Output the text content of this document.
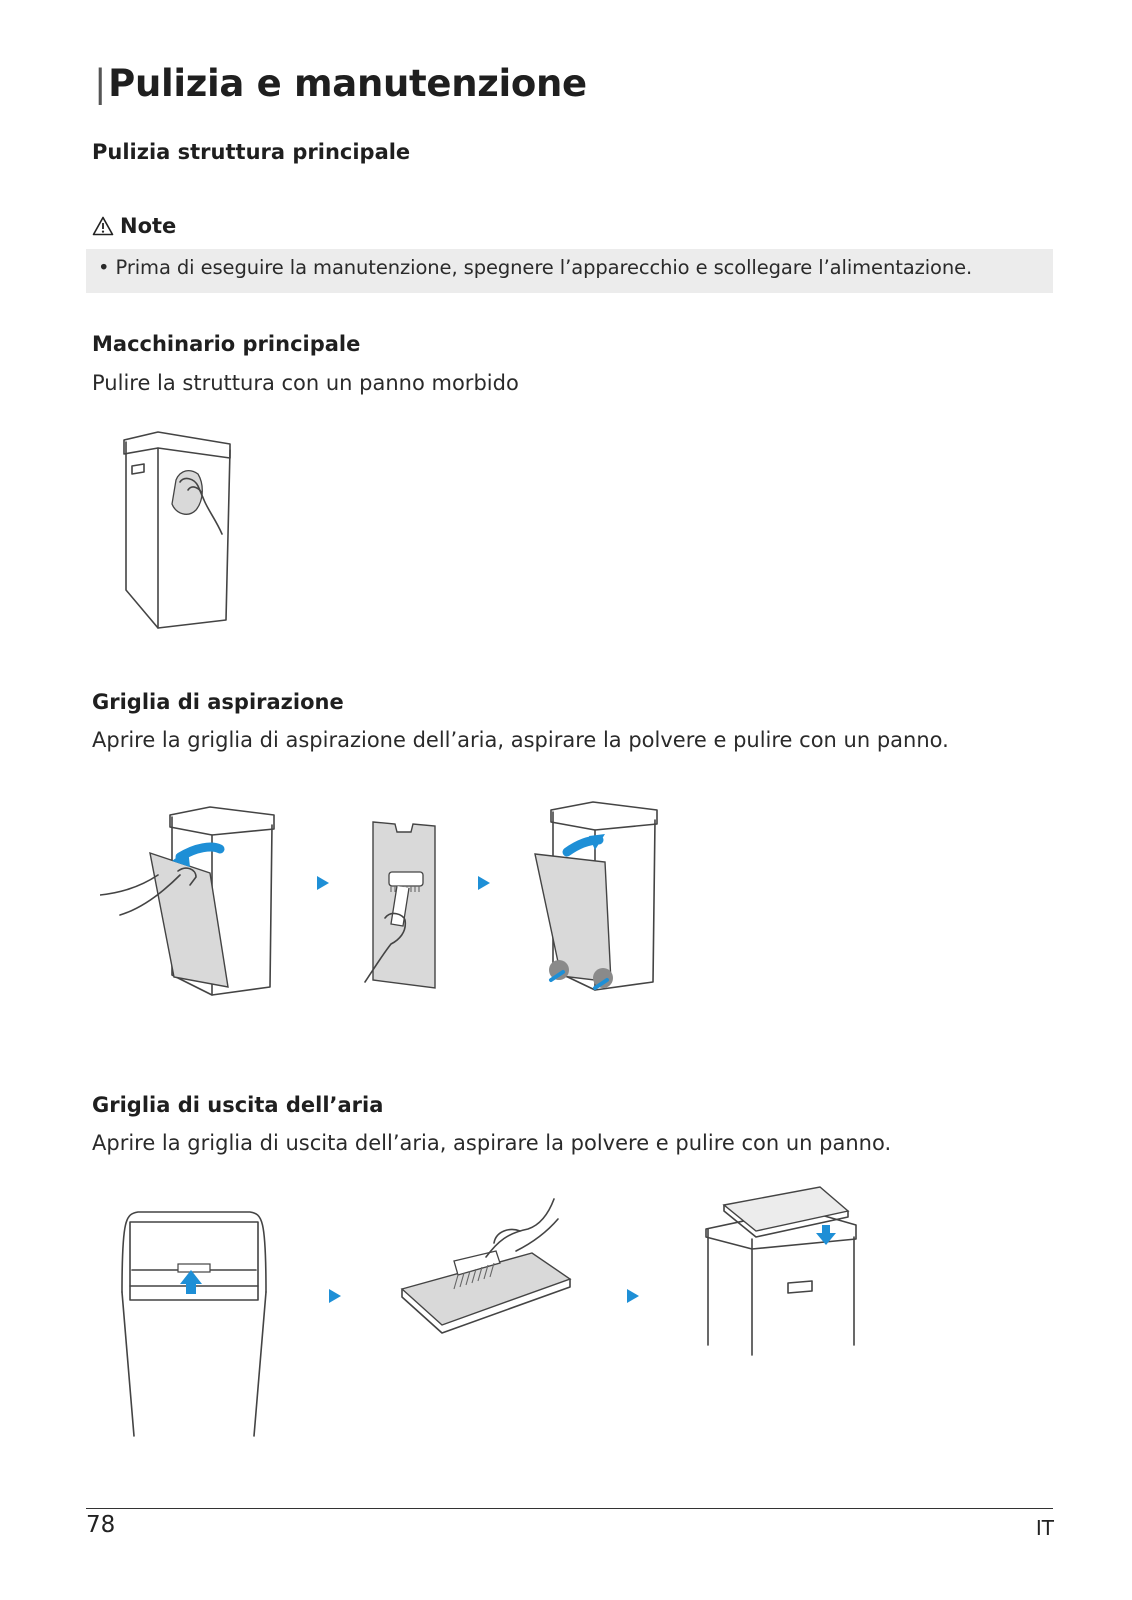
|Pulizia e manutenzione
Pulizia struttura principale
Note
• Prima di eseguire la manutenzione, spegnere l’apparecchio e scollegare l’alimentazione.
Macchinario principale
Pulire la struttura con un panno morbido
Griglia di aspirazione
Aprire la griglia di aspirazione dell’aria, aspirare la polvere e pulire con un panno.
Griglia di uscita dell’aria
Aprire la griglia di uscita dell’aria, aspirare la polvere e pulire con un panno.
78	IT
